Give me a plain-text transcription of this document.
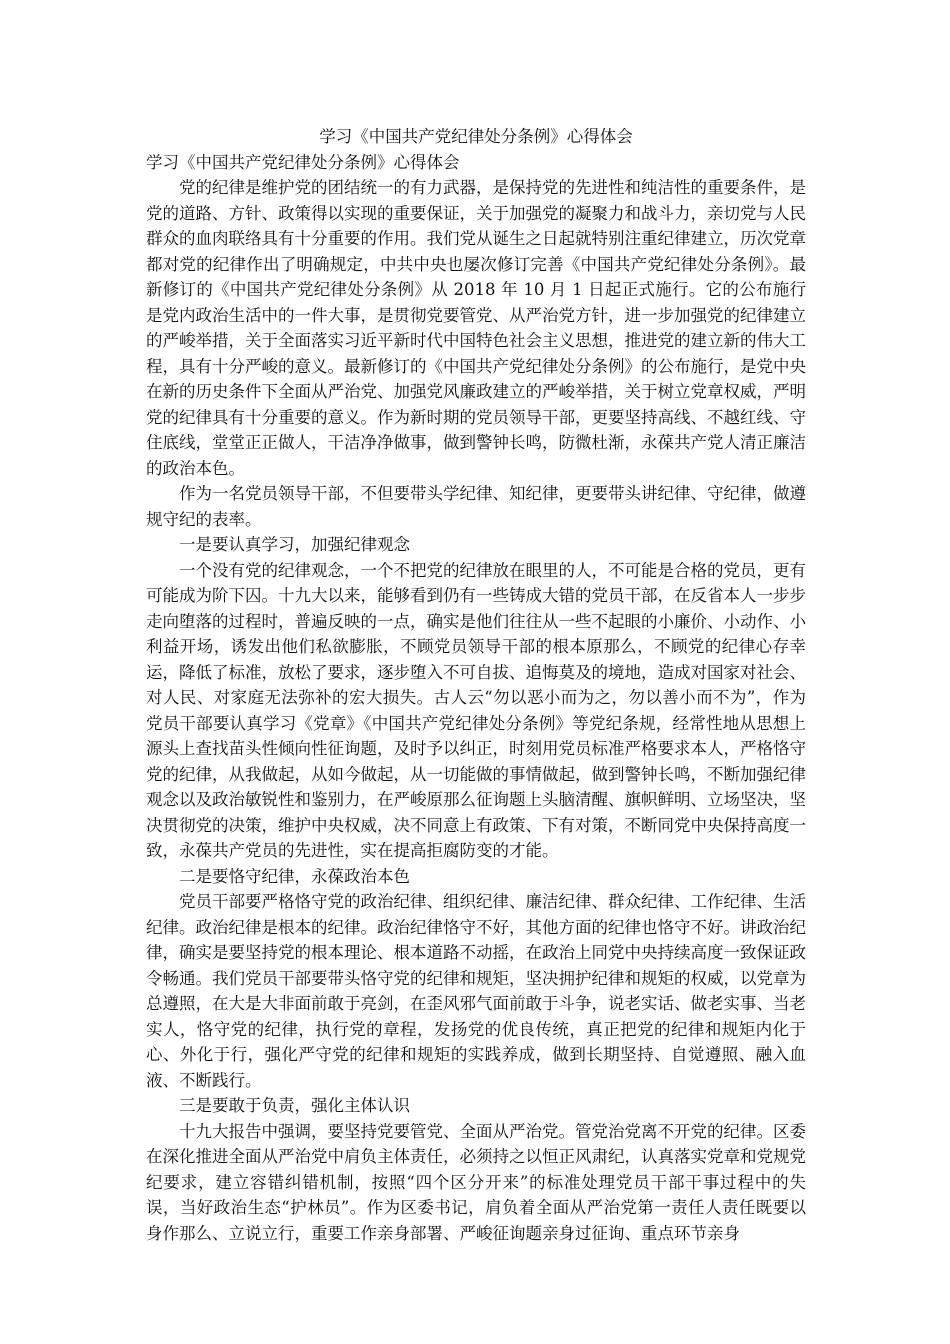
学习《中国共产党纪律处分条例》心得体会

学习《中国共产党纪律处分条例》心得体会

党的纪律是维护党的团结统一的有力武器，是保持党的先进性和纯洁性的重要条件，是党的道路、方针、政策得以实现的重要保证，关于加强党的凝聚力和战斗力，亲切党与人民群众的血肉联络具有十分重要的作用。我们党从诞生之日起就特别注重纪律建立，历次党章都对党的纪律作出了明确规定，中共中央也屡次修订完善《中国共产党纪律处分条例》。最新修订的《中国共产党纪律处分条例》从 2018 年 10 月 1 日起正式施行。它的公布施行是党内政治生活中的一件大事，是贯彻党要管党、从严治党方针，进一步加强党的纪律建立的严峻举措，关于全面落实习近平新时代中国特色社会主义思想，推进党的建立新的伟大工程，具有十分严峻的意义。最新修订的《中国共产党纪律处分条例》的公布施行，是党中央在新的历史条件下全面从严治党、加强党风廉政建立的严峻举措，关于树立党章权威，严明党的纪律具有十分重要的意义。作为新时期的党员领导干部，更要坚持高线、不越红线、守住底线，堂堂正正做人，干洁净净做事，做到警钟长鸣，防微杜渐，永葆共产党人清正廉洁的政治本色。

作为一名党员领导干部，不但要带头学纪律、知纪律，更要带头讲纪律、守纪律，做遵规守纪的表率。

一是要认真学习，加强纪律观念

一个没有党的纪律观念，一个不把党的纪律放在眼里的人，不可能是合格的党员，更有可能成为阶下囚。十九大以来，能够看到仍有一些铸成大错的党员干部，在反省本人一步步走向堕落的过程时，普遍反映的一点，确实是他们往往从一些不起眼的小廉价、小动作、小利益开场，诱发出他们私欲膨胀，不顾党员领导干部的根本原那么，不顾党的纪律心存幸运，降低了标准，放松了要求，逐步堕入不可自拔、追悔莫及的境地，造成对国家对社会、对人民、对家庭无法弥补的宏大损失。古人云“勿以恶小而为之，勿以善小而不为”，作为党员干部要认真学习《党章》《中国共产党纪律处分条例》等党纪条规，经常性地从思想上源头上查找苗头性倾向性征询题，及时予以纠正，时刻用党员标准严格要求本人，严格恪守党的纪律，从我做起，从如今做起，从一切能做的事情做起，做到警钟长鸣，不断加强纪律观念以及政治敏锐性和鉴别力，在严峻原那么征询题上头脑清醒、旗帜鲜明、立场坚决，坚决贯彻党的决策，维护中央权威，决不同意上有政策、下有对策，不断同党中央保持高度一致，永葆共产党员的先进性，实在提高拒腐防变的才能。

二是要恪守纪律，永葆政治本色

党员干部要严格恪守党的政治纪律、组织纪律、廉洁纪律、群众纪律、工作纪律、生活纪律。政治纪律是根本的纪律。政治纪律恪守不好，其他方面的纪律也恪守不好。讲政治纪律，确实是要坚持党的根本理论、根本道路不动摇，在政治上同党中央持续高度一致保证政令畅通。我们党员干部要带头恪守党的纪律和规矩，坚决拥护纪律和规矩的权威，以党章为总遵照，在大是大非面前敢于亮剑，在歪风邪气面前敢于斗争，说老实话、做老实事、当老实人，恪守党的纪律，执行党的章程，发扬党的优良传统，真正把党的纪律和规矩内化于心、外化于行，强化严守党的纪律和规矩的实践养成，做到长期坚持、自觉遵照、融入血液、不断践行。

三是要敢于负责，强化主体认识

十九大报告中强调，要坚持党要管党、全面从严治党。管党治党离不开党的纪律。区委在深化推进全面从严治党中肩负主体责任，必须持之以恒正风肃纪，认真落实党章和党规党纪要求，建立容错纠错机制，按照“四个区分开来”的标准处理党员干部干事过程中的失误，当好政治生态“护林员”。作为区委书记，肩负着全面从严治党第一责任人责任既要以身作那么、立说立行，重要工作亲身部署、严峻征询题亲身过征询、重点环节亲身
